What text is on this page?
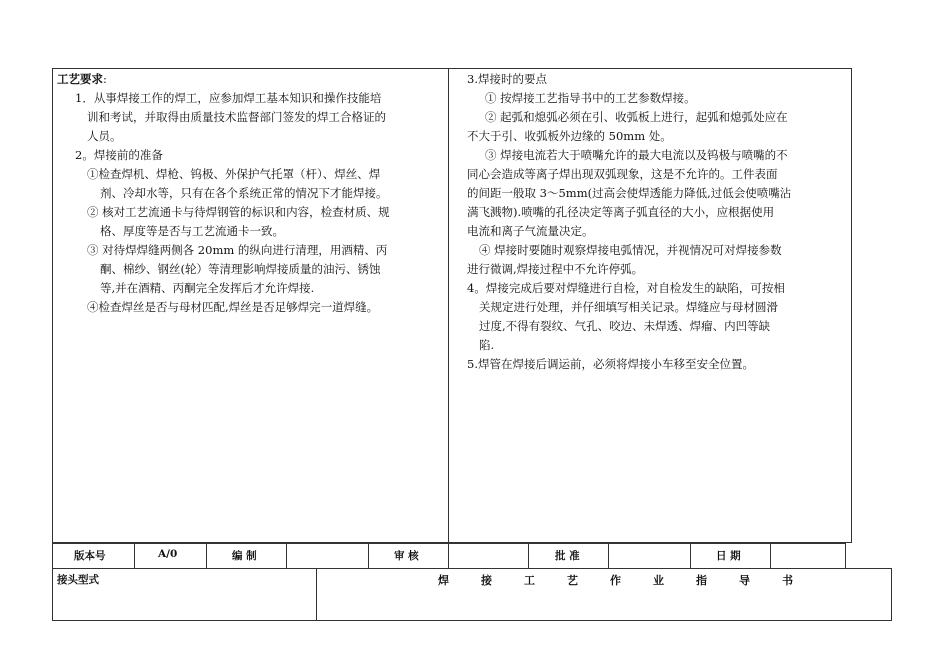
工艺要求:
1．从事焊接工作的焊工，应参加焊工基本知识和操作技能培
训和考试，并取得由质量技术监督部门签发的焊工合格证的
人员。
2。焊接前的准备
①检查焊机、焊枪、钨极、外保护气托罩（杆）、焊丝、焊
剂、冷却水等，只有在各个系统正常的情况下才能焊接。
② 核对工艺流通卡与待焊钢管的标识和内容，检查材质、规
格、厚度等是否与工艺流通卡一致。
③ 对待焊焊缝两侧各 20mm 的纵向进行清理，用酒精、丙
酮、棉纱、钢丝(轮）等清理影响焊接质量的油污、锈蚀
等,并在酒精、丙酮完全发挥后才允许焊接.
④检查焊丝是否与母材匹配,焊丝是否足够焊完一道焊缝。
3.焊接时的要点
① 按焊接工艺指导书中的工艺参数焊接。
② 起弧和熄弧必须在引、收弧板上进行，起弧和熄弧处应在
不大于引、收弧板外边缘的 50mm 处。
③ 焊接电流若大于喷嘴允许的最大电流以及钨极与喷嘴的不
同心会造成等离子焊出现双弧现象，这是不允许的。工件表面
的间距一般取 3～5mm(过高会使焊透能力降低,过低会使喷嘴沾
满飞溅物).喷嘴的孔径决定等离子弧直径的大小，应根据使用
电流和离子气流量决定。
④ 焊接时要随时观察焊接电弧情况，并视情况可对焊接参数
进行微调,焊接过程中不允许停弧。
4。焊接完成后要对焊缝进行自检，对自检发生的缺陷，可按相
关规定进行处理，并仔细填写相关记录。焊缝应与母材圆滑
过度,不得有裂纹、气孔、咬边、未焊透、焊瘤、内凹等缺
陷.
5.焊管在焊接后调运前，必须将焊接小车移至安全位置。
版本号	A/0	编 制	审 核	批 准	日 期
接头型式	焊接工艺作业指导书
